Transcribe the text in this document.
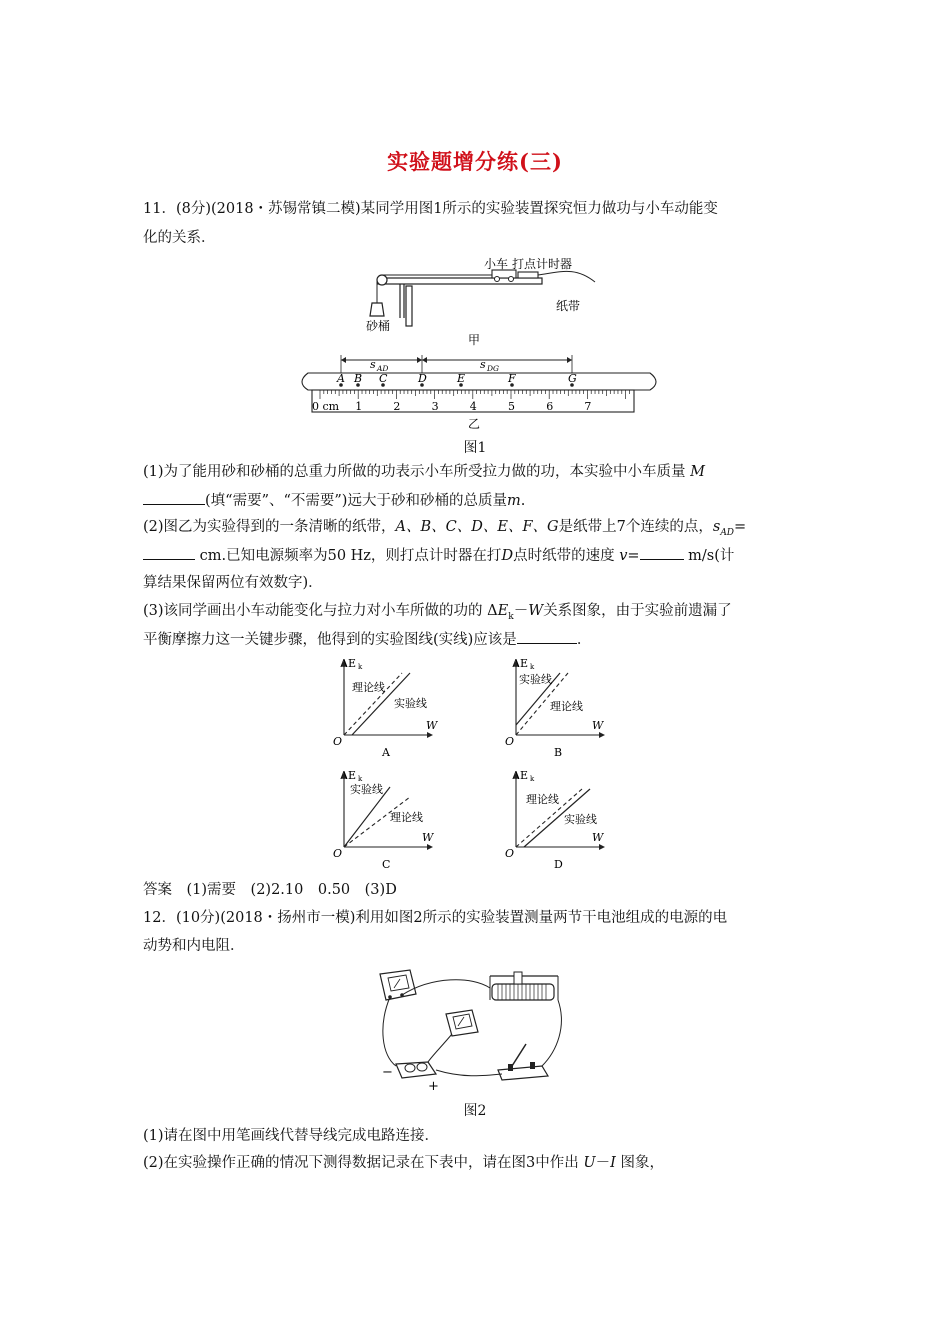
实验题增分练(三)
11．(8分)(2018・苏锡常镇二模)某同学用图1所示的实验装置探究恒力做功与小车动能变
化的关系．
小车 打点计时器
纸带
砂桶
甲
s AD	s DG
A B C	D	E	F	G
0 cm 1	2	3	4	5	6	7
乙
图1
(1)为了能用砂和砂桶的总重力所做的功表示小车所受拉力做的功，本实验中小车质量 M
(填“需要”、“不需要”)远大于砂和砂桶的总质量m.
(2)图乙为实验得到的一条清晰的纸带，A、B、C、D、E、F、G是纸带上7个连续的点，$s_{AD}=$
cm.已知电源频率为50 Hz，则打点计时器在打D点时纸带的速度 v=	m/s(计
算结果保留两位有效数字)．
(3)该同学画出小车动能变化与拉力对小车所做的功的 $\Delta E_k-W$关系图象，由于实验前遗漏了
平衡摩擦力这一关键步骤，他得到的实验图线(实线)应该是	．
ΔE k
W
O
理论线
实验线
A
ΔE k
W
O
实验线
理论线
B
ΔE k
W
O
实验线
理论线
C
ΔE k
W
O
理论线
实验线
D
答案　(1)需要　(2)2.10　0.50　(3)D
12．(10分)(2018・扬州市一模)利用如图2所示的实验装置测量两节干电池组成的电源的电
动势和内电阻．
−
+
图2
(1)请在图中用笔画线代替导线完成电路连接．
(2)在实验操作正确的情况下测得数据记录在下表中，请在图3中作出 U－I 图象，
